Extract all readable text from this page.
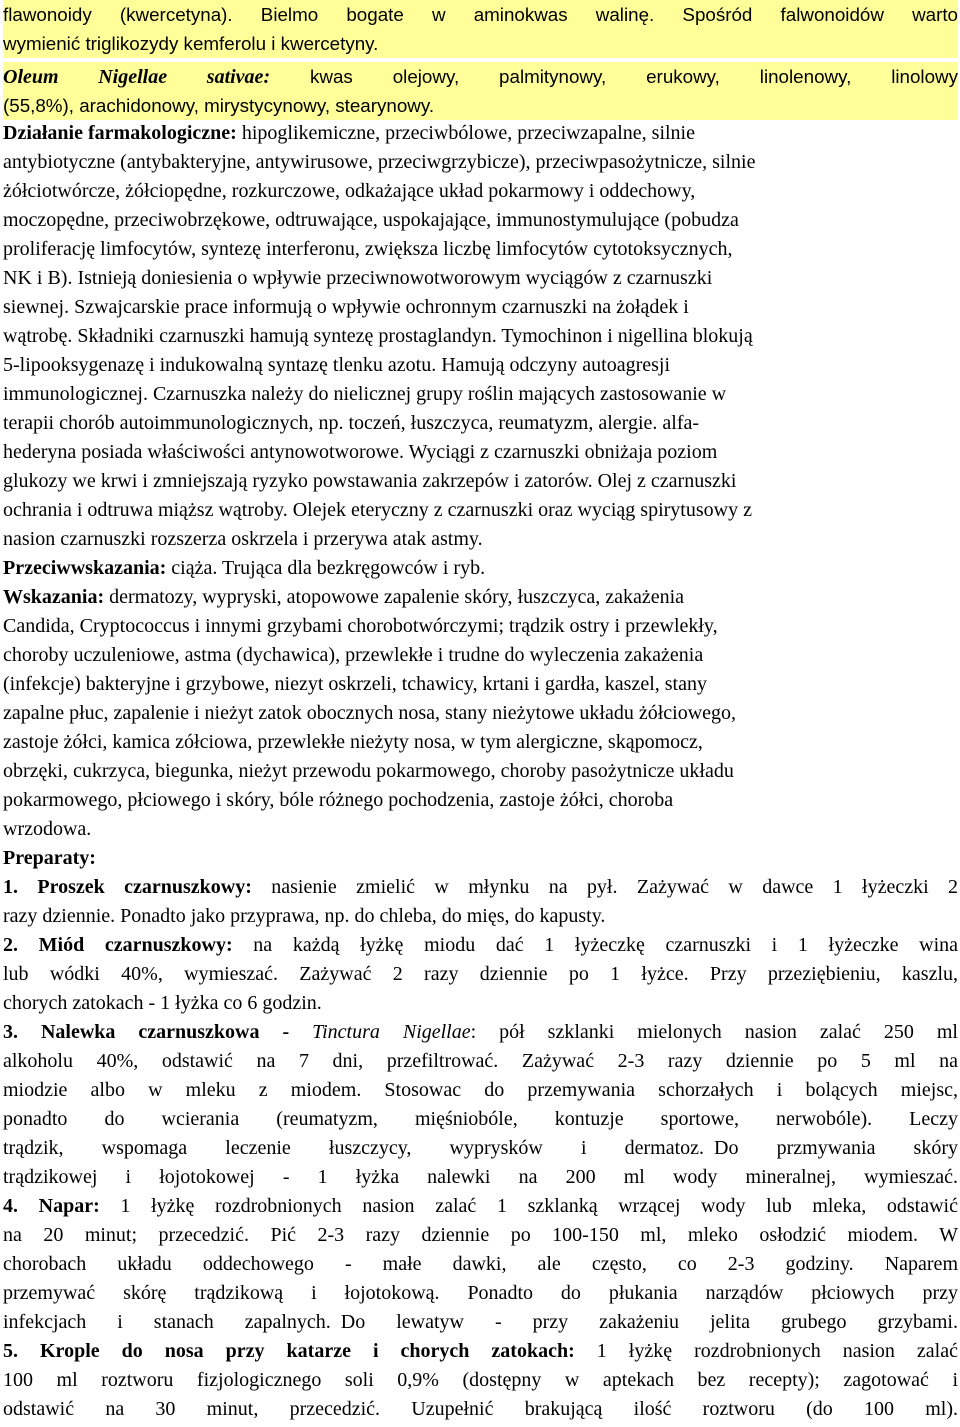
flawonoidy (kwercetyna). Bielmo bogate w aminokwas walinę. Spośród falwonoidów warto
wymienić triglikozydy kemferolu i kwercetyny.
Oleum Nigellae sativae: kwas olejowy, palmitynowy, erukowy, linolenowy, linolowy
(55,8%), arachidonowy, mirystycynowy, stearynowy.
Działanie farmakologiczne: hipoglikemiczne, przeciwbólowe, przeciwzapalne, silnie
antybiotyczne (antybakteryjne, antywirusowe, przeciwgrzybicze), przeciwpasożytnicze, silnie
żółciotwórcze, żółciopędne, rozkurczowe, odkażające układ pokarmowy i oddechowy,
moczopędne, przeciwobrzękowe, odtruwające, uspokajające, immunostymulujące (pobudza
proliferację limfocytów, syntezę interferonu, zwiększa liczbę limfocytów cytotoksycznych,
NK i B). Istnieją doniesienia o wpływie przeciwnowotworowym wyciągów z czarnuszki
siewnej. Szwajcarskie prace informują o wpływie ochronnym czarnuszki na żołądek i
wątrobę. Składniki czarnuszki hamują syntezę prostaglandyn. Tymochinon i nigellina blokują
5-lipooksygenazę i indukowalną syntazę tlenku azotu. Hamują odczyny autoagresji
immunologicznej. Czarnuszka należy do nielicznej grupy roślin mających zastosowanie w
terapii chorób autoimmunologicznych, np. toczeń, łuszczyca, reumatyzm, alergie. alfa-
hederyna posiada właściwości antynowotworowe. Wyciągi z czarnuszki obniżaja poziom
glukozy we krwi i zmniejszają ryzyko powstawania zakrzepów i zatorów. Olej z czarnuszki
ochrania i odtruwa miąższ wątroby. Olejek eteryczny z czarnuszki oraz wyciąg spirytusowy z
nasion czarnuszki rozszerza oskrzela i przerywa atak astmy.
Przeciwwskazania: ciąża. Trująca dla bezkręgowców i ryb.
Wskazania: dermatozy, wypryski, atopowowe zapalenie skóry, łuszczyca, zakażenia
Candida, Cryptococcus i innymi grzybami chorobotwórczymi; trądzik ostry i przewlekły,
choroby uczuleniowe, astma (dychawica), przewlekłe i trudne do wyleczenia zakażenia
(infekcje) bakteryjne i grzybowe, niezyt oskrzeli, tchawicy, krtani i gardła, kaszel, stany
zapalne płuc, zapalenie i nieżyt zatok obocznych nosa, stany nieżytowe układu żółciowego,
zastoje żółci, kamica zółciowa, przewlekłe nieżyty nosa, w tym alergiczne, skąpomocz,
obrzęki, cukrzyca, biegunka, nieżyt przewodu pokarmowego, choroby pasożytnicze układu
pokarmowego, płciowego i skóry, bóle różnego pochodzenia, zastoje żółci, choroba
wrzodowa.
Preparaty:
1. Proszek czarnuszkowy: nasienie zmielić w młynku na pył. Zażywać w dawce 1 łyżeczki 2
razy dziennie. Ponadto jako przyprawa, np. do chleba, do mięs, do kapusty.
2. Miód czarnuszkowy: na każdą łyżkę miodu dać 1 łyżeczkę czarnuszki i 1 łyżeczke wina
lub wódki 40%, wymieszać. Zażywać 2 razy dziennie po 1 łyżce. Przy przeziębieniu, kaszlu,
chorych zatokach - 1 łyżka co 6 godzin.
3. Nalewka czarnuszkowa - Tinctura Nigellae: pół szklanki mielonych nasion zalać 250 ml
alkoholu 40%, odstawić na 7 dni, przefiltrować. Zażywać 2-3 razy dziennie po 5 ml na
miodzie albo w mleku z miodem. Stosowac do przemywania schorzałych i bolących miejsc,
ponadto do wcierania (reumatyzm, mięśniobóle, kontuzje sportowe, nerwobóle). Leczy
trądzik, wspomaga leczenie łuszczycy, wyprysków i dermatoz. Do przmywania skóry
trądzikowej i łojotokowej - 1 łyżka nalewki na 200 ml wody mineralnej, wymieszać.
4. Napar: 1 łyżkę rozdrobnionych nasion zalać 1 szklanką wrzącej wody lub mleka, odstawić
na 20 minut; przecedzić. Pić 2-3 razy dziennie po 100-150 ml, mleko osłodzić miodem. W
chorobach układu oddechowego - małe dawki, ale często, co 2-3 godziny. Naparem
przemywać skórę trądzikową i łojotokową. Ponadto do płukania narządów płciowych przy
infekcjach i stanach zapalnych. Do lewatyw - przy zakażeniu jelita grubego grzybami.
5. Krople do nosa przy katarze i chorych zatokach: 1 łyżkę rozdrobnionych nasion zalać
100 ml roztworu fizjologicznego soli 0,9% (dostępny w aptekach bez recepty); zagotować i
odstawić na 30 minut, przecedzić. Uzupełnić brakującą ilość roztworu (do 100 ml).
